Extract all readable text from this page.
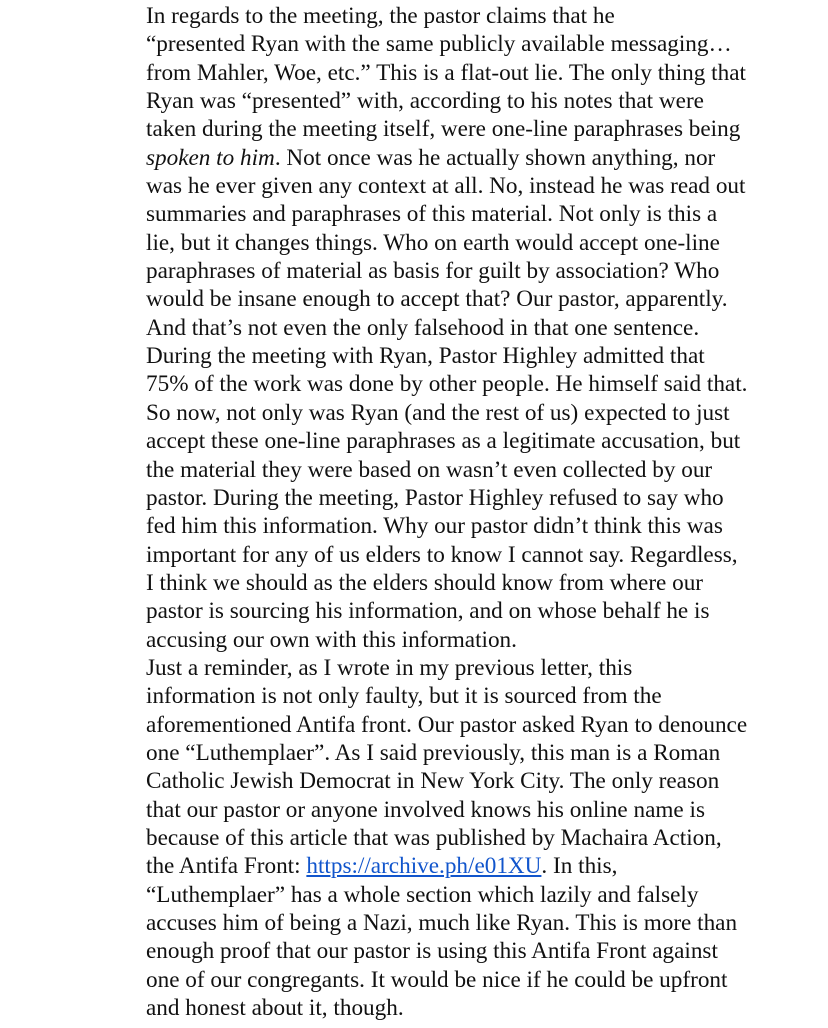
In regards to the meeting, the pastor claims that he
“presented Ryan with the same publicly available messaging…
from Mahler, Woe, etc.” This is a flat-out lie. The only thing that
Ryan was “presented” with, according to his notes that were
taken during the meeting itself, were one-line paraphrases being
spoken to him. Not once was he actually shown anything, nor
was he ever given any context at all. No, instead he was read out
summaries and paraphrases of this material. Not only is this a
lie, but it changes things. Who on earth would accept one-line
paraphrases of material as basis for guilt by association? Who
would be insane enough to accept that? Our pastor, apparently.

And that’s not even the only falsehood in that one sentence.
During the meeting with Ryan, Pastor Highley admitted that
75% of the work was done by other people. He himself said that.
So now, not only was Ryan (and the rest of us) expected to just
accept these one-line paraphrases as a legitimate accusation, but
the material they were based on wasn’t even collected by our
pastor. During the meeting, Pastor Highley refused to say who
fed him this information. Why our pastor didn’t think this was
important for any of us elders to know I cannot say. Regardless,
I think we should as the elders should know from where our
pastor is sourcing his information, and on whose behalf he is
accusing our own with this information.

Just a reminder, as I wrote in my previous letter, this
information is not only faulty, but it is sourced from the
aforementioned Antifa front. Our pastor asked Ryan to denounce
one “Luthemplaer”. As I said previously, this man is a Roman
Catholic Jewish Democrat in New York City. The only reason
that our pastor or anyone involved knows his online name is
because of this article that was published by Machaira Action,
the Antifa Front: https://archive.ph/e01XU. In this,
“Luthemplaer” has a whole section which lazily and falsely
accuses him of being a Nazi, much like Ryan. This is more than
enough proof that our pastor is using this Antifa Front against
one of our congregants. It would be nice if he could be upfront
and honest about it, though.
